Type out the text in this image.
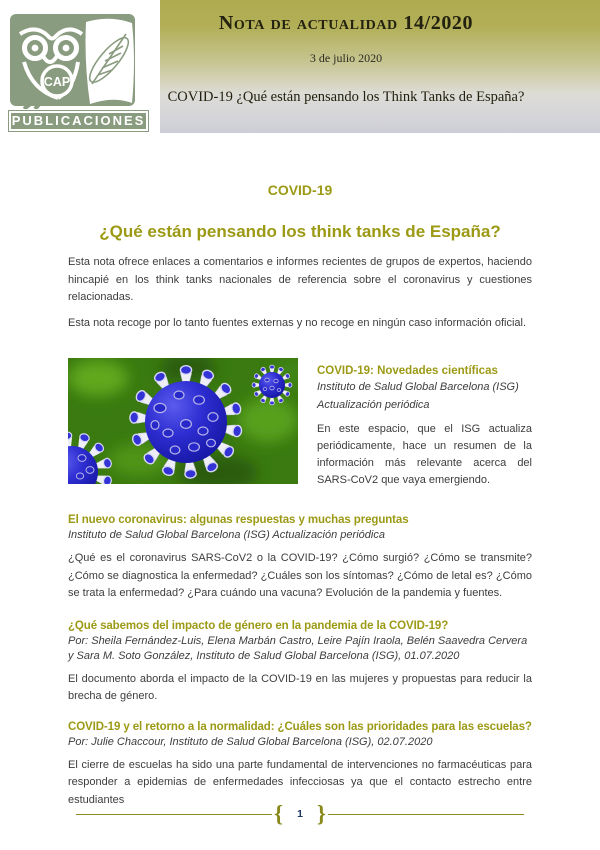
CAP
PUBLICACIONES
Nota de actualidad 14/2020
3 de julio 2020
COVID-19 ¿Qué están pensando los Think Tanks de España?
COVID-19
¿Qué están pensando los think tanks de España?

Esta nota ofrece enlaces a comentarios e informes recientes de grupos de expertos, haciendo hincapié en los think tanks nacionales de referencia sobre el coronavirus y cuestiones relacionadas.

Esta nota recoge por lo tanto fuentes externas y no recoge en ningún caso información oficial.

COVID-19: Novedades científicas
Instituto de Salud Global Barcelona (ISG)
Actualización periódica

En este espacio, que el ISG actualiza periódicamente, hace un resumen de la información más relevante acerca del SARS-CoV2 que vaya emergiendo.

El nuevo coronavirus: algunas respuestas y muchas preguntas
Instituto de Salud Global Barcelona (ISG) Actualización periódica

¿Qué es el coronavirus SARS-CoV2 o la COVID-19? ¿Cómo surgió? ¿Cómo se transmite? ¿Cómo se diagnostica la enfermedad? ¿Cuáles son los síntomas? ¿Cómo de letal es? ¿Cómo se trata la enfermedad? ¿Para cuándo una vacuna? Evolución de la pandemia y fuentes.

¿Qué sabemos del impacto de género en la pandemia de la COVID-19?
Por: Sheila Fernández-Luis, Elena Marbán Castro, Leire Pajín Iraola, Belén Saavedra Cervera y Sara M. Soto González, Instituto de Salud Global Barcelona (ISG), 01.07.2020

El documento aborda el impacto de la COVID-19 en las mujeres y propuestas para reducir la brecha de género.

COVID-19 y el retorno a la normalidad: ¿Cuáles son las prioridades para las escuelas?
Por: Julie Chaccour, Instituto de Salud Global Barcelona (ISG), 02.07.2020

El cierre de escuelas ha sido una parte fundamental de intervenciones no farmacéuticas para responder a epidemias de enfermedades infecciosas ya que el contacto estrecho entre estudiantes

{ 1 }
